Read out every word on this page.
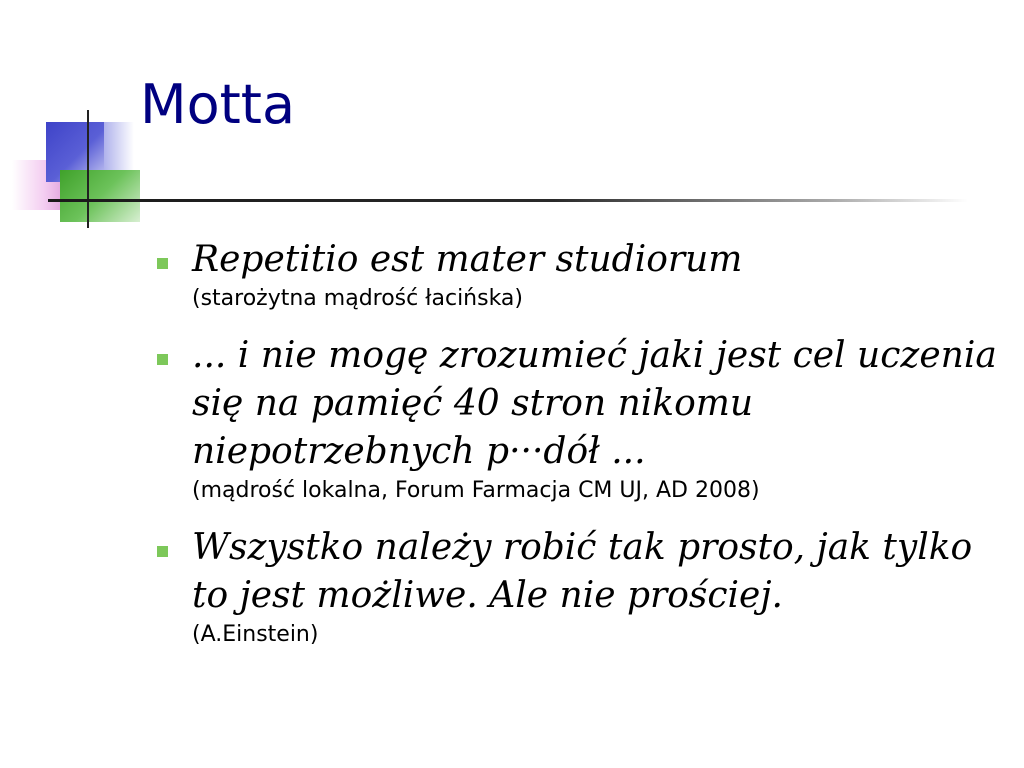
Motta
Repetitio est mater studiorum
(starożytna mądrość łacińska)
... i nie mogę zrozumieć jaki jest cel uczenia się na pamięć 40 stron nikomu niepotrzebnych p···dół ...
(mądrość lokalna, Forum Farmacja CM UJ, AD 2008)
Wszystko należy robić tak prosto, jak tylko to jest możliwe. Ale nie prościej.
(A.Einstein)
